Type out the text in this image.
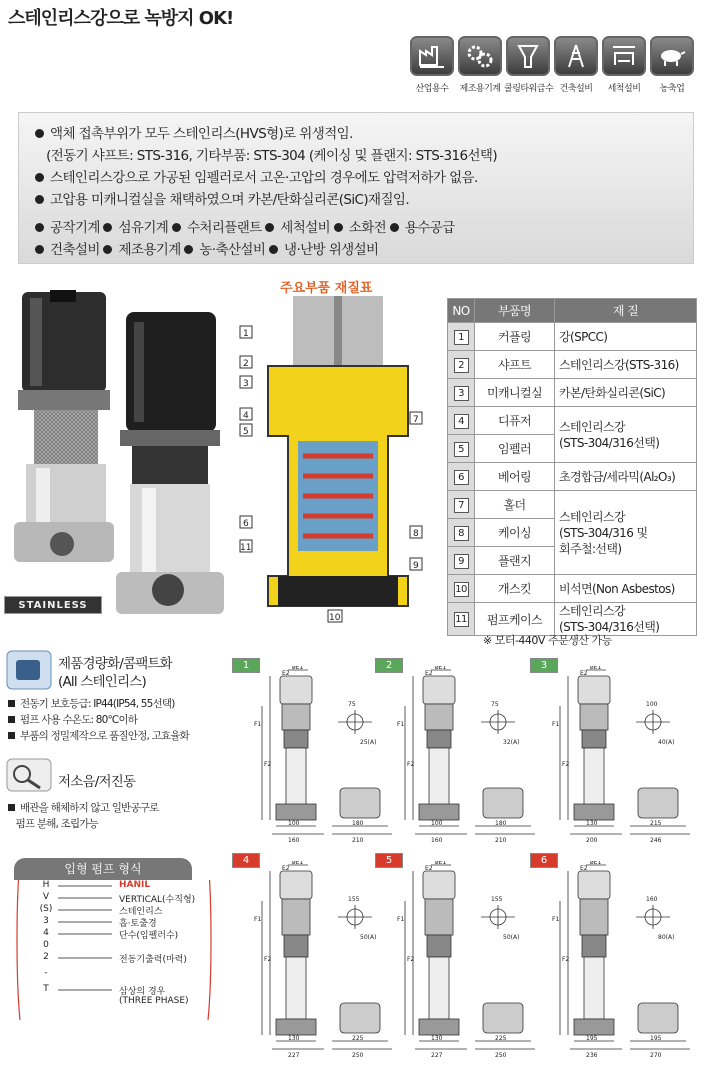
스테인리스강으로 녹방지 OK!
산업용수	제조용기계 쿨링타워급수 건축설비	세척설비	농축업

액체 접촉부위가 모두 스테인리스(HVS형)로 위생적임.

(전동기 샤프트: STS-316, 기타부품: STS-304 (케이싱 및 플랜지: STS-316선택)

스테인리스강으로 가공된 임펠러로서 고온·고압의 경우에도 압력저하가 없음.

고압용 미캐니컬실을 채택하였으며 카본/탄화실리콘(SiC)재질임.

공작기계 섬유기계 수처리플랜트 세척설비 소화전 용수공급

건축설비 제조용기계 농·축산설비 냉·난방 위생설비

STAINLESS
주요부품 재질표
1
2
3
4
5
6
11
7
8
9
10
NO	부품명	재 질
1	커플링	강(SPCC)
2	샤프트	스테인리스강(STS-316)
3	미캐니컬실	카본/탄화실리콘(SiC)
4	디퓨저	스테인리스강
(STS-304/316선택)

5	임펠러	
6	베어링	초경합금/세라믹(Al₂O₃)
7	홀더	스테인리스강
(STS-304/316 및
회주철:선택)

8	케이싱	
9	플랜지	
10	개스킷	비석면(Non Asbestos)
11	펌프케이스	스테인리스강
(STS-304/316선택)
※ 모터-440V 주문생산 가능
제품경량화/콤팩트화
(All 스테인리스)
전동기 보호등급: IP44(IP54, 55선택)
펌프 사용 수온도: 80℃이하
부품의 정밀제작으로 품질안정, 고효율화
저소음/저진동
배관을 해체하지 않고 일반공구로
펌프 분해, 조립가능
입형 펌프 형식
H	HANIL
V	VERTICAL(수직형)
(S)	스테인리스
3	흡·토출경
4	단수(임펠러수)
0
2	전동기출력(마력)
-
T	삼상의 경우
(THREE PHASE)
1	øE1
E2
F1
F2
75
25(A)
100
160
180
210
2	øE1
E2
F1
F2
75
32(A)
100
160
180
210
3	øE1
E2
F1
F2
100
40(A)
130
200
215
246
4	øE1
E2
F1
F2
155
50(A)
130
227
225
250
5	øE1
E2
F1
F2
155
50(A)
130
227
225
250
6	øE1
E2
F1
F2
160
80(A)
195
236
195
270
